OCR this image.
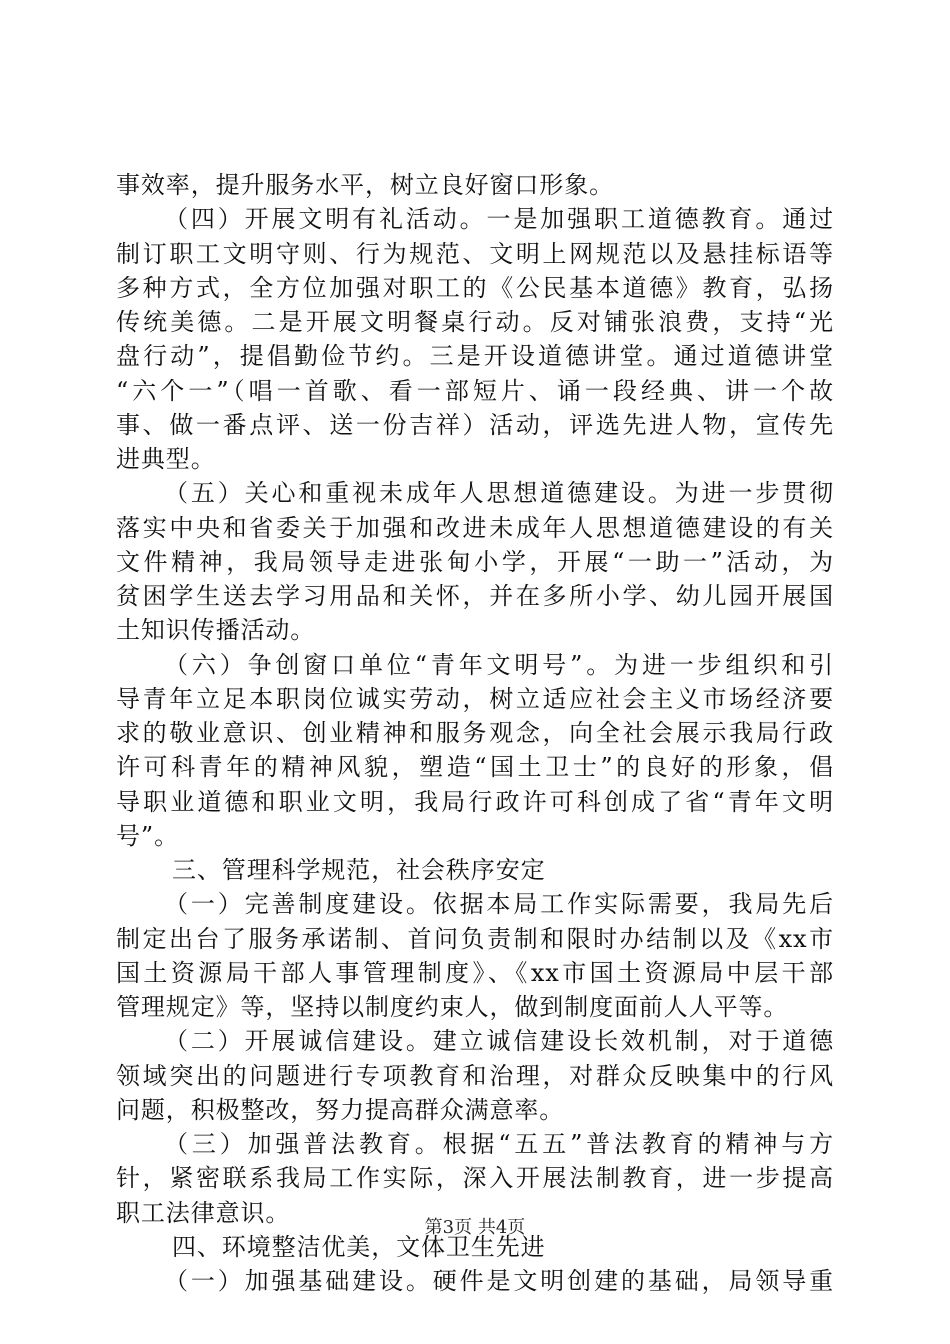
事效率，提升服务水平，树立良好窗口形象。
（四）开展文明有礼活动。一是加强职工道德教育。通过
制订职工文明守则、行为规范、文明上网规范以及悬挂标语等
多种方式，全方位加强对职工的《公民基本道德》教育，弘扬
传统美德。二是开展文明餐桌行动。反对铺张浪费，支持“光
盘行动”，提倡勤俭节约。三是开设道德讲堂。通过道德讲堂
“六个一”（唱一首歌、看一部短片、诵一段经典、讲一个故
事、做一番点评、送一份吉祥）活动，评选先进人物，宣传先
进典型。
（五）关心和重视未成年人思想道德建设。为进一步贯彻
落实中央和省委关于加强和改进未成年人思想道德建设的有关
文件精神，我局领导走进张甸小学，开展“一助一”活动，为
贫困学生送去学习用品和关怀，并在多所小学、幼儿园开展国
土知识传播活动。
（六）争创窗口单位“青年文明号”。为进一步组织和引
导青年立足本职岗位诚实劳动，树立适应社会主义市场经济要
求的敬业意识、创业精神和服务观念，向全社会展示我局行政
许可科青年的精神风貌，塑造“国土卫士”的良好的形象，倡
导职业道德和职业文明，我局行政许可科创成了省“青年文明
号”。
三、管理科学规范，社会秩序安定
（一）完善制度建设。依据本局工作实际需要，我局先后
制定出台了服务承诺制、首问负责制和限时办结制以及《xx市
国土资源局干部人事管理制度》、《xx市国土资源局中层干部
管理规定》等，坚持以制度约束人，做到制度面前人人平等。
（二）开展诚信建设。建立诚信建设长效机制，对于道德
领域突出的问题进行专项教育和治理，对群众反映集中的行风
问题，积极整改，努力提高群众满意率。
（三）加强普法教育。根据“五五”普法教育的精神与方
针，紧密联系我局工作实际，深入开展法制教育，进一步提高
职工法律意识。
四、环境整洁优美，文体卫生先进
（一）加强基础建设。硬件是文明创建的基础，局领导重
第3页 共4页
